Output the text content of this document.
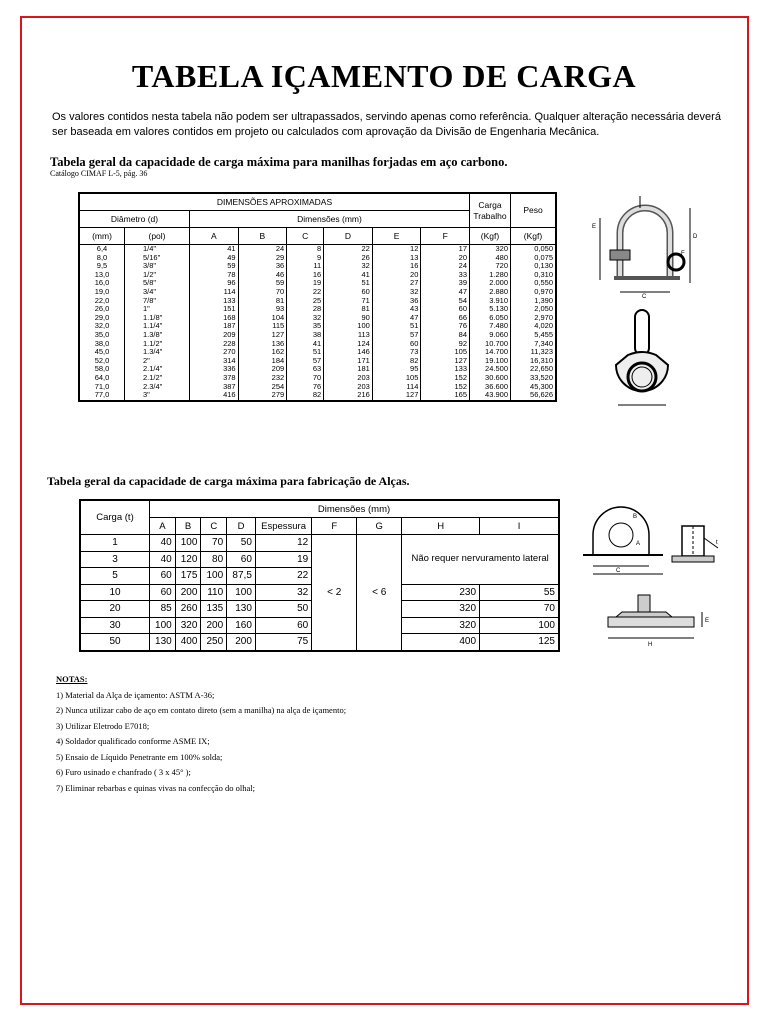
TABELA IÇAMENTO DE CARGA
Os valores contidos nesta tabela não podem ser ultrapassados, servindo apenas como referência. Qualquer alteração necessária deverá ser baseada em valores contidos em projeto ou calculados com aprovação da Divisão de Engenharia Mecânica.
Tabela geral da capacidade de carga máxima para manilhas forjadas em aço carbono.
Catálogo CIMAF L-5, pág. 36
DIMENSÕES APROXIMADAS								Carga Trabalho	Peso
Diâmetro (d)		Dimensões (mm)							
(mm)	(pol)	A	B	C	D	E	F	(Kgf)	(Kgf)
6,4	1/4"	41	24	8	22	12	17	320	0,050
8,0	5/16"	49	29	9	26	13	20	480	0,075
9,5	3/8"	59	36	11	32	16	24	720	0,130
13,0	1/2"	78	46	16	41	20	33	1.280	0,310
16,0	5/8"	96	59	19	51	27	39	2.000	0,550
19,0	3/4"	114	70	22	60	32	47	2.880	0,970
22,0	7/8"	133	81	25	71	36	54	3.910	1,390
26,0	1"	151	93	28	81	43	60	5.130	2,050
29,0	1.1/8"	168	104	32	90	47	66	6.050	2,970
32,0	1.1/4"	187	115	35	100	51	76	7.480	4,020
35,0	1.3/8"	209	127	38	113	57	84	9.060	5,455
38,0	1.1/2"	228	136	41	124	60	92	10.700	7,340
45,0	1.3/4"	270	162	51	146	73	105	14.700	11,323
52,0	2"	314	184	57	171	82	127	19.100	16,310
58,0	2.1/4"	336	209	63	181	95	133	24.500	22,650
64,0	2.1/2"	378	232	70	203	105	152	30.600	33,520
71,0	2.3/4"	387	254	76	203	114	152	36.600	45,300
77,0	3"	416	279	82	216	127	165	43.900	56,626
E
D
C
F
Tabela geral da capacidade de carga máxima para fabricação de Alças.
Carga (t)	Dimensões (mm)								
	A	B	C	D	Espessura	F	G	H	I
1	40	100	70	50	12	< 2	< 6	Não requer nervuramento lateral	
3	40	120	80	60	19				
5	60	175	100	87,5	22				
10	60	200	110	100	32			230	55
20	85	260	135	130	50			320	70
30	100	320	200	160	60			320	100
50	130	400	250	200	75			400	125
B
C
A	t
H
E
NOTAS:
1) Material da Alça de içamento: ASTM A-36;
2) Nunca utilizar cabo de aço em contato direto (sem a manilha) na alça de içamento;
3) Utilizar Eletrodo E7018;
4) Soldador qualificado conforme ASME IX;
5) Ensaio de Líquido Penetrante em 100% solda;
6) Furo usinado e chanfrado ( 3 x 45° );
7) Eliminar rebarbas e quinas vivas na confecção do olhal;
